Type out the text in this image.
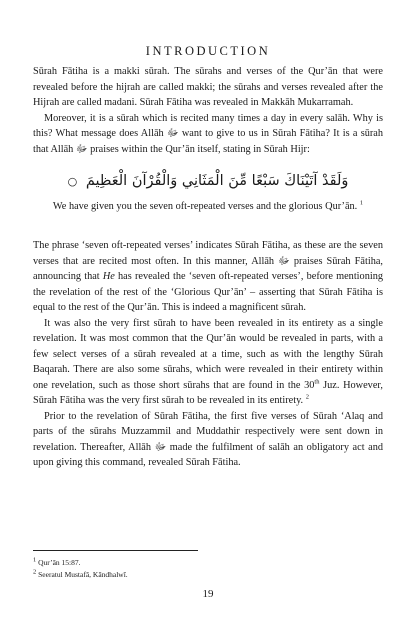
INTRODUCTION

Sūrah Fātiha is a makki sūrah. The sūrahs and verses of the Qur’ān that were revealed before the hijrah are called makki; the sūrahs and verses revealed after the Hijrah are called madani. Sūrah Fātiha was revealed in Makkāh Mukarramah.

Moreover, it is a sūrah which is recited many times a day in every salāh. Why is this? What message does Allāh ﷻ want to give to us in Sūrah Fātiha? It is a sūrah that Allāh ﷻ praises within the Qur’ān itself, stating in Sūrah Hijr:

○ وَلَقَدْ آتَيْنَاكَ سَبْعًا مِّنَ الْمَثَانِي وَالْقُرْآنَ الْعَظِيمَ
We have given you the seven oft-repeated verses and the glorious Qur’ān. $^1$

The phrase ‘seven oft-repeated verses’ indicates Sūrah Fātiha, as these are the seven verses that are recited most often. In this manner, Allāh ﷻ praises Sūrah Fātiha, announcing that He has revealed the ‘seven oft-repeated verses’, before mentioning the revelation of the rest of the ‘Glorious Qur’ān’ – asserting that Sūrah Fātiha is equal to the rest of the Qur’ān. This is indeed a magnificent sūrah.

It was also the very first sūrah to have been revealed in its entirety as a single revelation. It was most common that the Qur’ān would be revealed in parts, with a few select verses of a sūrah revealed at a time, such as with the lengthy Sūrah Baqarah. There are also some sūrahs, which were revealed in their entirety within one revelation, such as those short sūrahs that are found in the 30th Juz. However, Sūrah Fātiha was the very first sūrah to be revealed in its entirety. $^2$

Prior to the revelation of Sūrah Fātiha, the first five verses of Sūrah ‘Alaq and parts of the sūrahs Muzzammil and Muddathir respectively were sent down in revelation. Thereafter, Allāh ﷻ made the fulfilment of salāh an obligatory act and upon giving this command, revealed Sūrah Fātiha.

$^1$ Qur’ān 15:87.
$^2$ Seeratul Mustafā, Kāndhalwī.
19
